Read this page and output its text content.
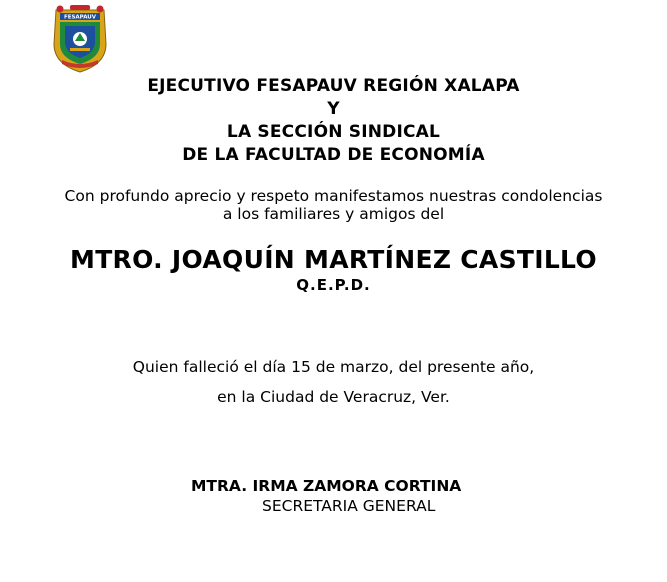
FESAPAUV
EJECUTIVO FESAPAUV REGIÓN XALAPA
Y
LA SECCIÓN SINDICAL
DE LA FACULTAD DE ECONOMÍA
Con profundo aprecio y respeto manifestamos nuestras condolencias
a los familiares y amigos del
MTRO. JOAQUÍN MARTÍNEZ CASTILLO
Q.E.P.D.
Quien falleció el día 15 de marzo, del presente año,
en la Ciudad de Veracruz, Ver.
MTRA. IRMA ZAMORA CORTINA
SECRETARIA GENERAL
